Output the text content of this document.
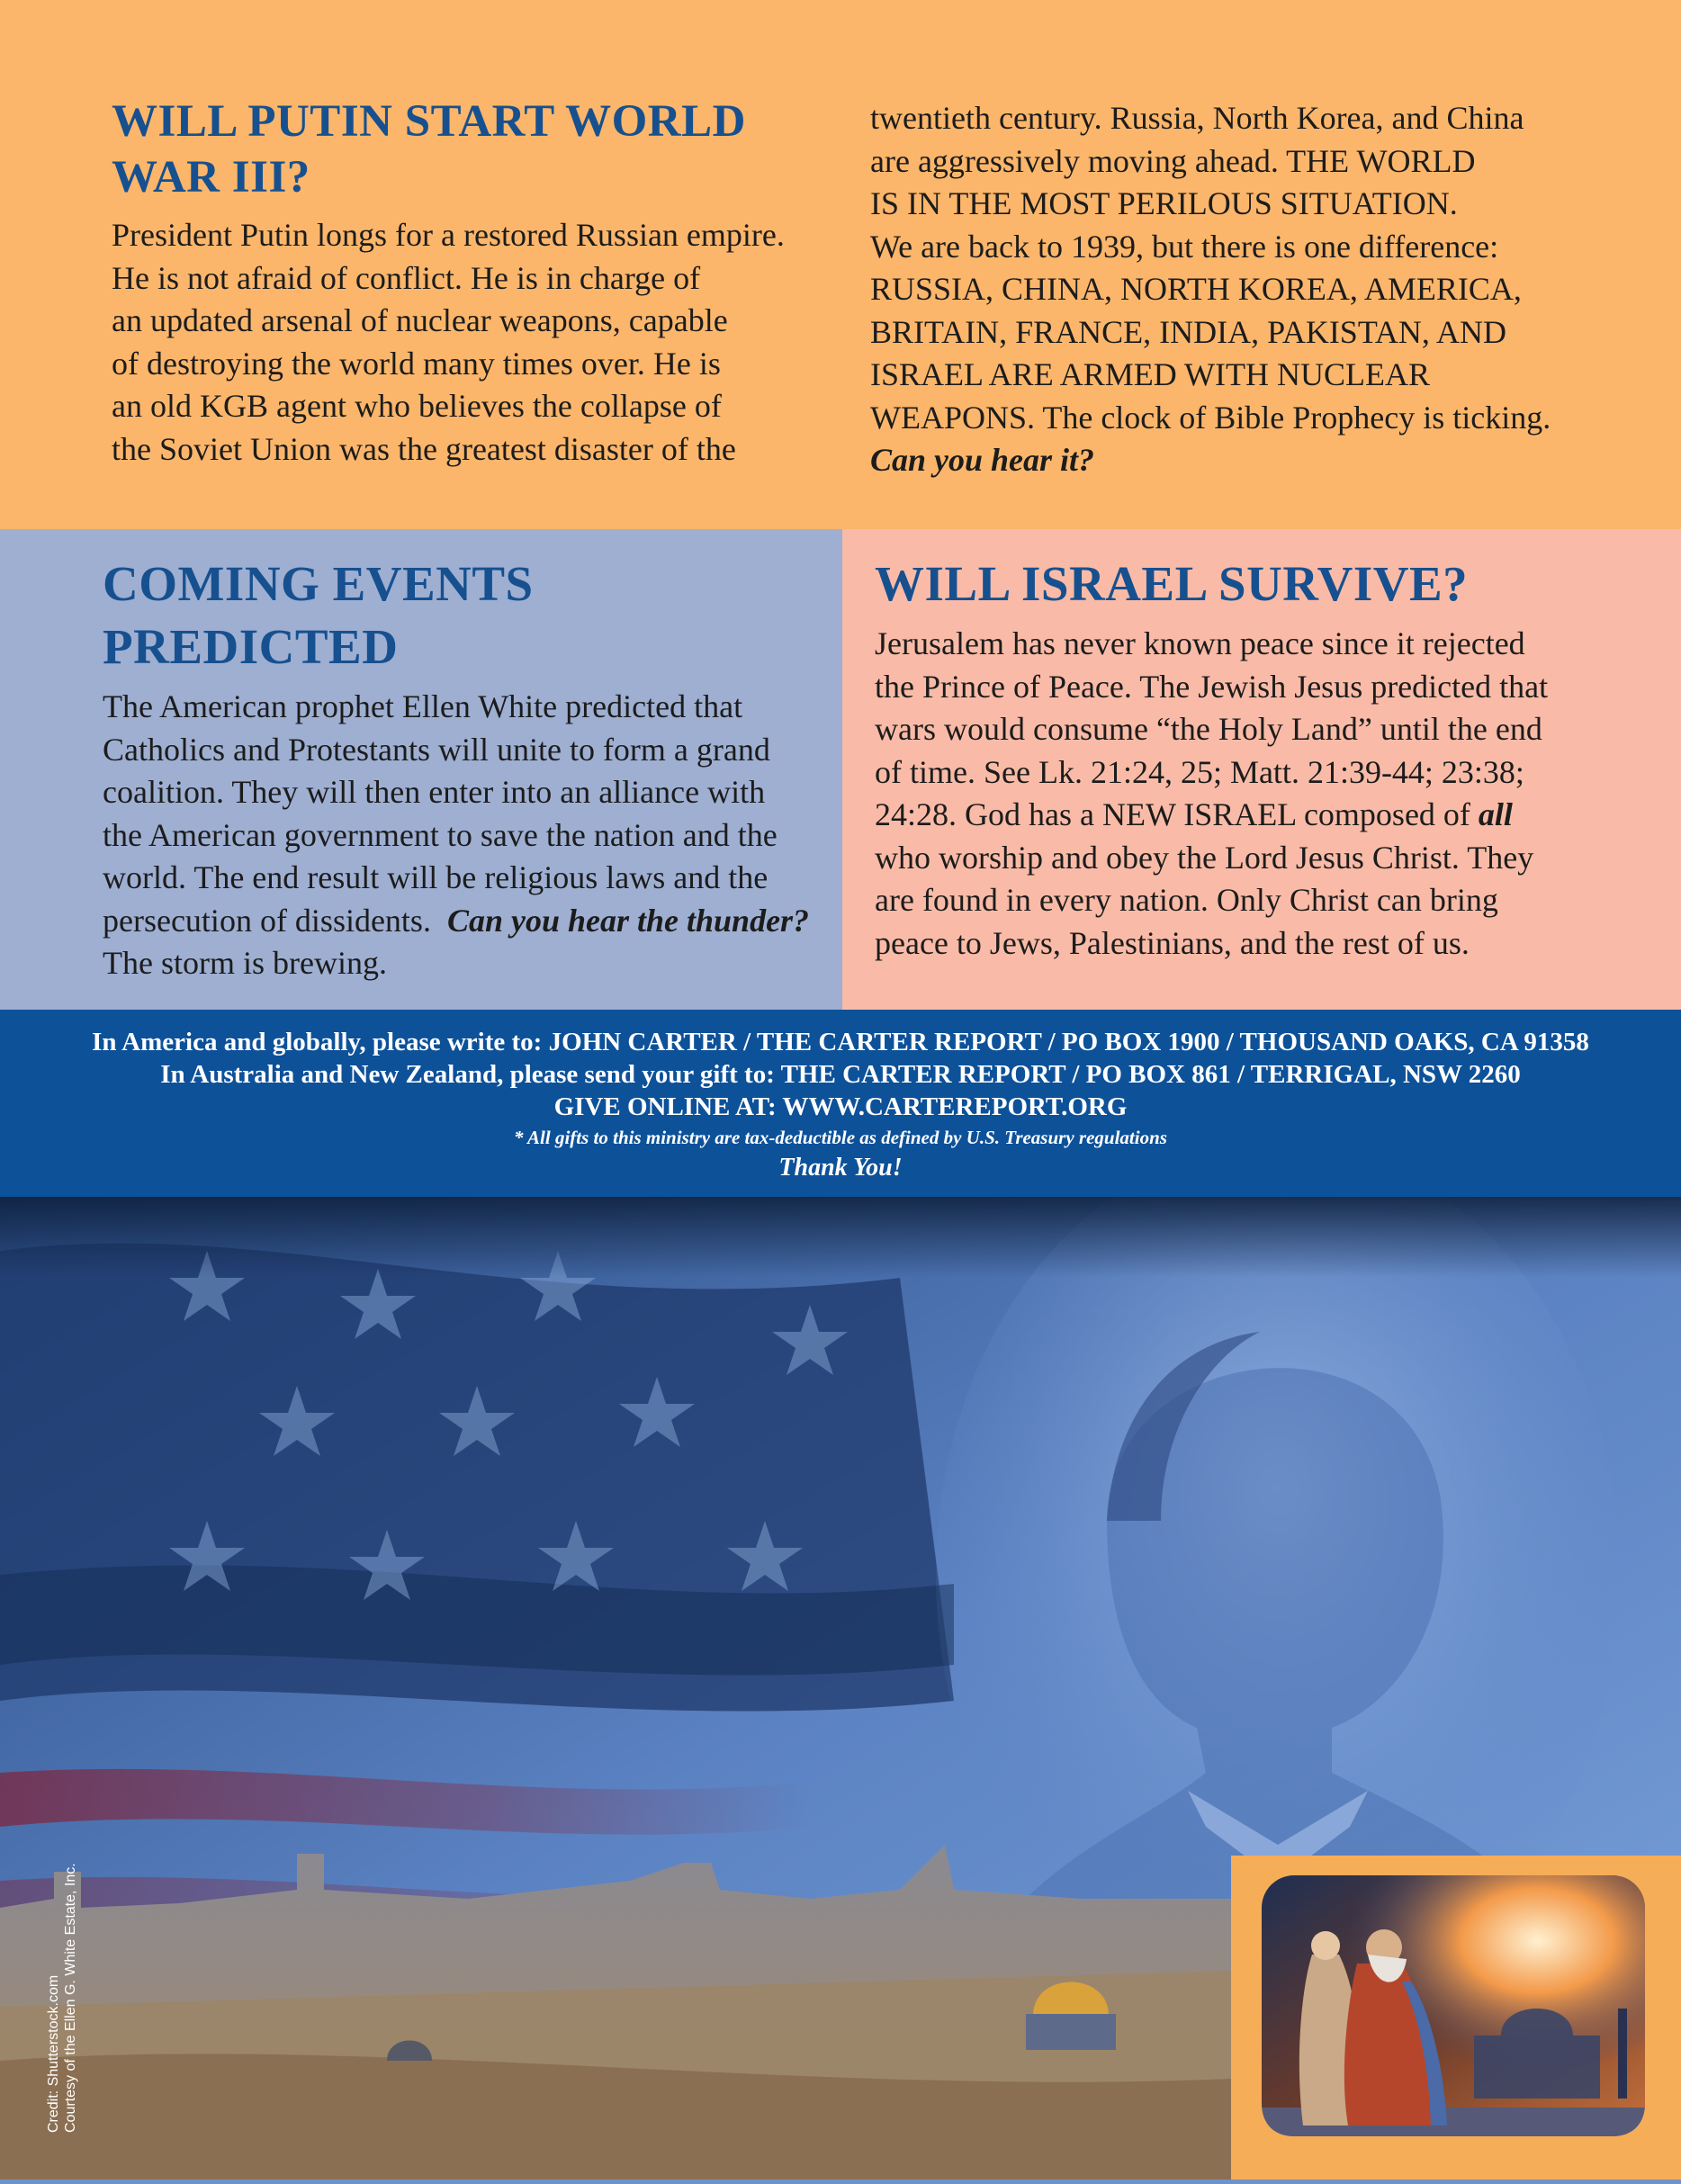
WILL PUTIN START WORLD
WAR III?

President Putin longs for a restored Russian empire.

He is not afraid of conflict. He is in charge of

an updated arsenal of nuclear weapons, capable

of destroying the world many times over. He is

an old KGB agent who believes the collapse of

the Soviet Union was the greatest disaster of the

twentieth century. Russia, North Korea, and China

are aggressively moving ahead. THE WORLD

IS IN THE MOST PERILOUS SITUATION.

We are back to 1939, but there is one difference:

RUSSIA, CHINA, NORTH KOREA, AMERICA,

BRITAIN, FRANCE, INDIA, PAKISTAN, AND

ISRAEL ARE ARMED WITH NUCLEAR

WEAPONS. The clock of Bible Prophecy is ticking.

Can you hear it?

COMING EVENTS
PREDICTED

The American prophet Ellen White predicted that

Catholics and Protestants will unite to form a grand

coalition. They will then enter into an alliance with

the American government to save the nation and the

world. The end result will be religious laws and the

persecution of dissidents.  Can you hear the thunder?

The storm is brewing.

WILL ISRAEL SURVIVE?

Jerusalem has never known peace since it rejected

the Prince of Peace. The Jewish Jesus predicted that

wars would consume “the Holy Land” until the end

of time. See Lk. 21:24, 25; Matt. 21:39-44; 23:38;

24:28. God has a NEW ISRAEL composed of all

who worship and obey the Lord Jesus Christ. They

are found in every nation. Only Christ can bring

peace to Jews, Palestinians, and the rest of us.

In America and globally, please write to: JOHN CARTER / THE CARTER REPORT / PO BOX 1900 / THOUSAND OAKS, CA 91358
In Australia and New Zealand, please send your gift to: THE CARTER REPORT / PO BOX 861 / TERRIGAL, NSW 2260
GIVE ONLINE AT: WWW.CARTEREPORT.ORG
* All gifts to this ministry are tax-deductible as defined by U.S. Treasury regulations
Thank You!
Credit: Shutterstock.com Courtesy of the Ellen G. White Estate, Inc.
